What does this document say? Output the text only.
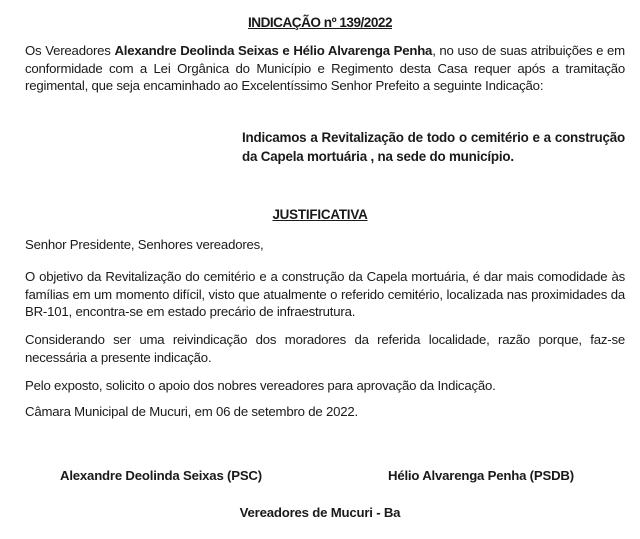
INDICAÇÃO nº 139/2022

Os Vereadores Alexandre Deolinda Seixas e Hélio Alvarenga Penha, no uso de suas atribuições e em conformidade com a Lei Orgânica do Município e Regimento desta Casa requer após a tramitação regimental, que seja encaminhado ao Excelentíssimo Senhor Prefeito a seguinte Indicação:

Indicamos a Revitalização de todo o cemitério e a construção da Capela mortuária , na sede do município.

JUSTIFICATIVA

Senhor Presidente, Senhores vereadores,

O objetivo da Revitalização do cemitério e a construção da Capela mortuária, é dar mais comodidade às famílias em um momento difícil, visto que atualmente o referido cemitério, localizada nas proximidades da BR-101, encontra-se em estado precário de infraestrutura.

Considerando ser uma reivindicação dos moradores da referida localidade, razão porque, faz-se necessária a presente indicação.

Pelo exposto, solicito o apoio dos nobres vereadores para aprovação da Indicação.

Câmara Municipal de Mucuri, em 06 de setembro de 2022.

Alexandre Deolinda Seixas (PSC)	Hélio Alvarenga Penha (PSDB)
Vereadores de Mucuri - Ba
